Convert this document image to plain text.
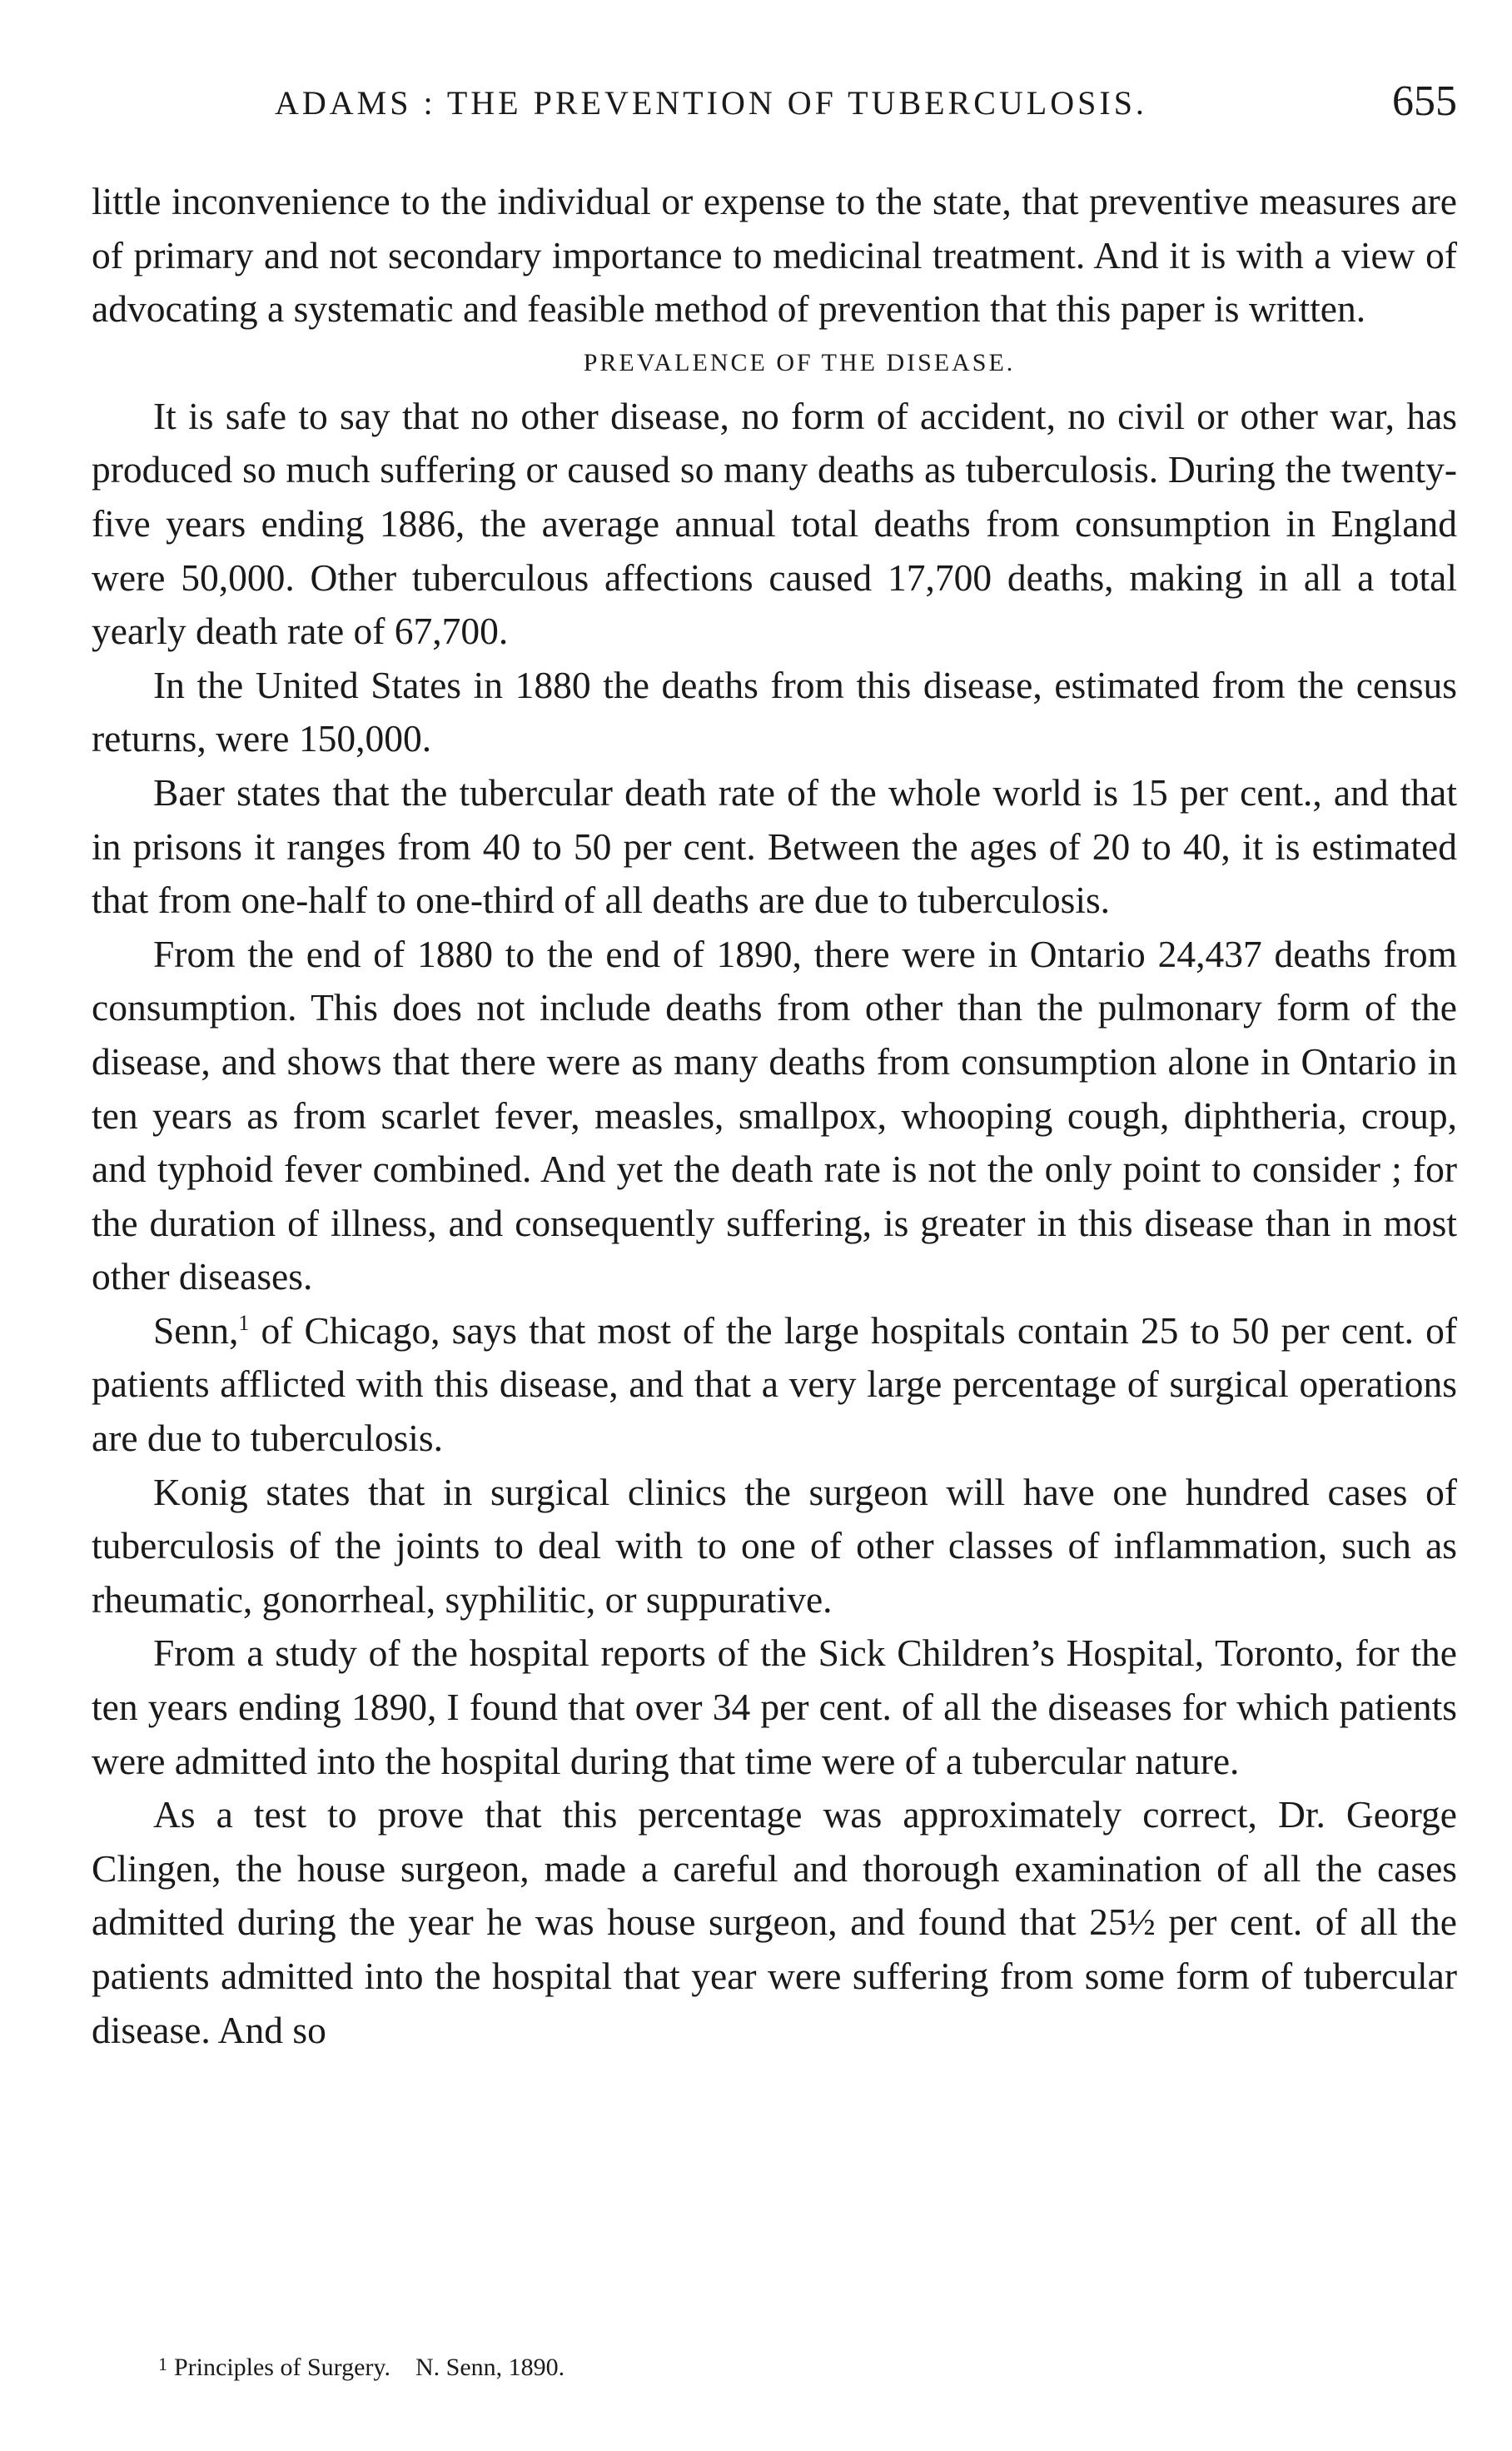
ADAMS : THE PREVENTION OF TUBERCULOSIS.	655

little inconvenience to the individual or expense to the state, that preventive measures are of primary and not secondary importance to medicinal treatment. And it is with a view of advocating a systematic and feasible method of prevention that this paper is written.

PREVALENCE OF THE DISEASE.

It is safe to say that no other disease, no form of accident, no civil or other war, has produced so much suffering or caused so many deaths as tuberculosis. During the twenty-five years ending 1886, the average annual total deaths from consumption in England were 50,000. Other tuberculous affections caused 17,700 deaths, making in all a total yearly death rate of 67,700.

In the United States in 1880 the deaths from this disease, estimated from the census returns, were 150,000.

Baer states that the tubercular death rate of the whole world is 15 per cent., and that in prisons it ranges from 40 to 50 per cent. Between the ages of 20 to 40, it is estimated that from one-half to one-third of all deaths are due to tuberculosis.

From the end of 1880 to the end of 1890, there were in Ontario 24,437 deaths from consumption. This does not include deaths from other than the pulmonary form of the disease, and shows that there were as many deaths from consumption alone in Ontario in ten years as from scarlet fever, measles, smallpox, whooping cough, diphtheria, croup, and typhoid fever combined. And yet the death rate is not the only point to consider ; for the duration of illness, and consequently suffering, is greater in this disease than in most other diseases.

Senn,$^1$ of Chicago, says that most of the large hospitals contain 25 to 50 per cent. of patients afflicted with this disease, and that a very large percentage of surgical operations are due to tuberculosis.

Konig states that in surgical clinics the surgeon will have one hundred cases of tuberculosis of the joints to deal with to one of other classes of inflammation, such as rheumatic, gonorrheal, syphilitic, or suppurative.

From a study of the hospital reports of the Sick Children’s Hospital, Toronto, for the ten years ending 1890, I found that over 34 per cent. of all the diseases for which patients were admitted into the hospital during that time were of a tubercular nature.

As a test to prove that this percentage was approximately correct, Dr. George Clingen, the house surgeon, made a careful and thorough examination of all the cases admitted during the year he was house surgeon, and found that 25½ per cent. of all the patients admitted into the hospital that year were suffering from some form of tubercular disease. And so

$^1$ Principles of Surgery. N. Senn, 1890.
